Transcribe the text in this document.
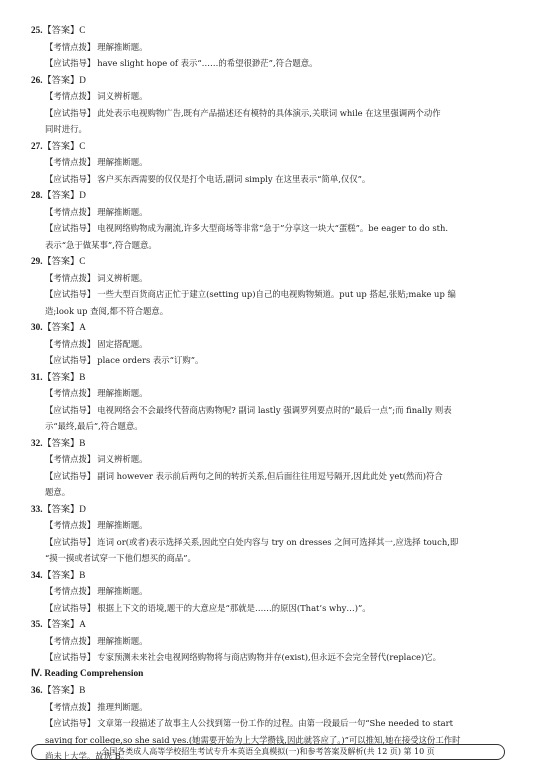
25.【答案】C
【考情点拨】 理解推断题。
【应试指导】 have slight hope of 表示“……的希望很渺茫”,符合题意。
26.【答案】D
【考情点拨】 词义辨析题。
【应试指导】 此处表示电视购物广告,既有产品描述还有模特的具体演示,关联词 while 在这里强调两个动作
同时进行。
27.【答案】C
【考情点拨】 理解推断题。
【应试指导】 客户买东西需要的仅仅是打个电话,副词 simply 在这里表示“简单,仅仅”。
28.【答案】D
【考情点拨】 理解推断题。
【应试指导】 电视网络购物成为潮流,许多大型商场等非常“急于”分享这一块大“蛋糕”。be eager to do sth.
表示“急于做某事”,符合题意。
29.【答案】C
【考情点拨】 词义辨析题。
【应试指导】 一些大型百货商店正忙于建立(setting up)自己的电视购物频道。put up 搭起,张贴;make up 编
造;look up 查阅,都不符合题意。
30.【答案】A
【考情点拨】 固定搭配题。
【应试指导】 place orders 表示“订购”。
31.【答案】B
【考情点拨】 理解推断题。
【应试指导】 电视网络会不会最终代替商店购物呢? 副词 lastly 强调罗列要点时的“最后一点”;而 finally 则表
示“最终,最后”,符合题意。
32.【答案】B
【考情点拨】 词义辨析题。
【应试指导】 副词 however 表示前后两句之间的转折关系,但后面往往用逗号隔开,因此此处 yet(然而)符合
题意。
33.【答案】D
【考情点拨】 理解推断题。
【应试指导】 连词 or(或者)表示选择关系,因此空白处内容与 try on dresses 之间可选择其一,应选择 touch,即
“摸一摸或者试穿一下他们想买的商品”。
34.【答案】B
【考情点拨】 理解推断题。
【应试指导】 根据上下文的语境,题干的大意应是“那就是……的原因(That’s why…)”。
35.【答案】A
【考情点拨】 理解推断题。
【应试指导】 专家预测未来社会电视网络购物将与商店购物并存(exist),但永远不会完全替代(replace)它。
Ⅳ. Reading Comprehension
36.【答案】B
【考情点拨】 推理判断题。
【应试指导】 文章第一段描述了故事主人公找到第一份工作的过程。由第一段最后一句“She needed to start
saving for college,so she said yes.(她需要开始为上大学攒钱,因此就答应了。)”可以推知,她在接受这份工作时
尚未上大学。故选 B。
全国各类成人高等学校招生考试专升本英语全真模拟(一)和参考答案及解析(共 12 页) 第 10 页
